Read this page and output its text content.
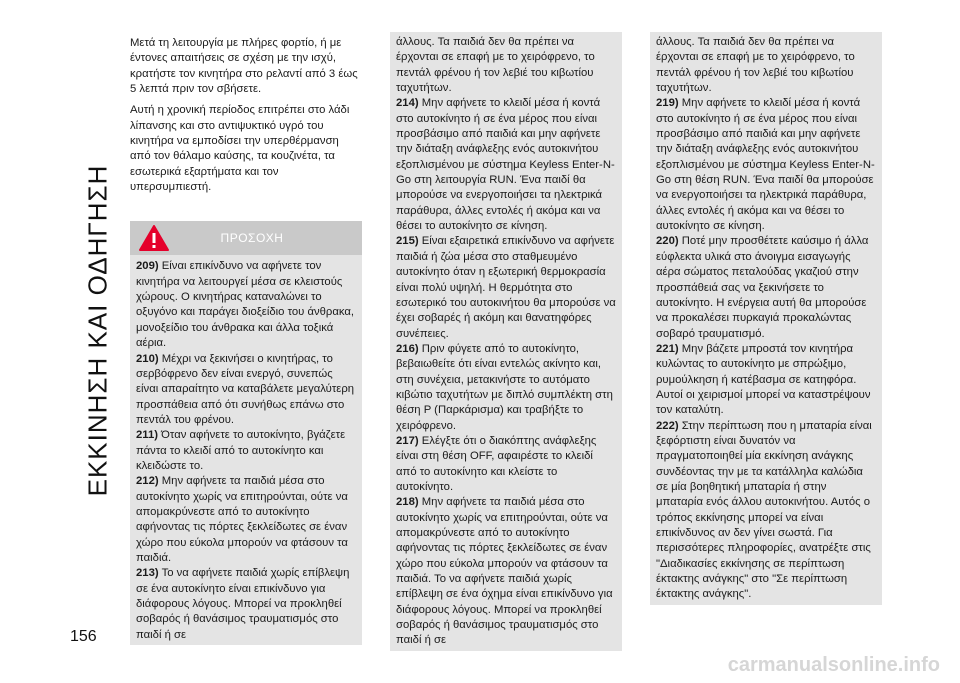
ΕΚΚΙΝΗΣΗ ΚΑΙ ΟΔΗΓΗΣΗ
156

Μετά τη λειτουργία με πλήρες φορτίο, ή με έντονες απαιτήσεις σε σχέση με την ισχύ, κρατήστε τον κινητήρα στο ρελαντί από 3 έως 5 λεπτά πριν τον σβήσετε.

Αυτή η χρονική περίοδος επιτρέπει στο λάδι λίπανσης και στο αντιψυκτικό υγρό του κινητήρα να εμποδίσει την υπερθέρμανση από τον θάλαμο καύσης, τα κουζινέτα, τα εσωτερικά εξαρτήματα και τον υπερσυμπιεστή.

ΠΡΟΣΟΧΗ

209) Είναι επικίνδυνο να αφήνετε τον κινητήρα να λειτουργεί μέσα σε κλειστούς χώρους. Ο κινητήρας καταναλώνει το οξυγόνο και παράγει διοξείδιο του άνθρακα, μονοξείδιο του άνθρακα και άλλα τοξικά αέρια.

210) Μέχρι να ξεκινήσει ο κινητήρας, το σερβόφρενο δεν είναι ενεργό, συνεπώς είναι απαραίτητο να καταβάλετε μεγαλύτερη προσπάθεια από ότι συνήθως επάνω στο πεντάλ του φρένου.

211) Όταν αφήνετε το αυτοκίνητο, βγάζετε πάντα το κλειδί από το αυτοκίνητο και κλειδώστε το.

212) Μην αφήνετε τα παιδιά μέσα στο αυτοκίνητο χωρίς να επιτηρούνται, ούτε να απομακρύνεστε από το αυτοκίνητο αφήνοντας τις πόρτες ξεκλείδωτες σε έναν χώρο που εύκολα μπορούν να φτάσουν τα παιδιά.

213) Το να αφήνετε παιδιά χωρίς επίβλεψη σε ένα αυτοκίνητο είναι επικίνδυνο για διάφορους λόγους. Μπορεί να προκληθεί σοβαρός ή θανάσιμος τραυματισμός στο παιδί ή σε

άλλους. Τα παιδιά δεν θα πρέπει να έρχονται σε επαφή με το χειρόφρενο, το πεντάλ φρένου ή τον λεβιέ του κιβωτίου ταχυτήτων.

214) Μην αφήνετε το κλειδί μέσα ή κοντά στο αυτοκίνητο ή σε ένα μέρος που είναι προσβάσιμο από παιδιά και μην αφήνετε την διάταξη ανάφλεξης ενός αυτοκινήτου εξοπλισμένου με σύστημα Keyless Enter-N-Go στη λειτουργία RUN. Ένα παιδί θα μπορούσε να ενεργοποιήσει τα ηλεκτρικά παράθυρα, άλλες εντολές ή ακόμα και να θέσει το αυτοκίνητο σε κίνηση.

215) Είναι εξαιρετικά επικίνδυνο να αφήνετε παιδιά ή ζώα μέσα στο σταθμευμένο αυτοκίνητο όταν η εξωτερική θερμοκρασία είναι πολύ υψηλή. Η θερμότητα στο εσωτερικό του αυτοκινήτου θα μπορούσε να έχει σοβαρές ή ακόμη και θανατηφόρες συνέπειες.

216) Πριν φύγετε από το αυτοκίνητο, βεβαιωθείτε ότι είναι εντελώς ακίνητο και, στη συνέχεια, μετακινήστε το αυτόματο κιβώτιο ταχυτήτων με διπλό συμπλέκτη στη θέση P (Παρκάρισμα) και τραβήξτε το χειρόφρενο.

217) Ελέγξτε ότι ο διακόπτης ανάφλεξης είναι στη θέση OFF, αφαιρέστε το κλειδί από το αυτοκίνητο και κλείστε το αυτοκίνητο.

218) Μην αφήνετε τα παιδιά μέσα στο αυτοκίνητο χωρίς να επιτηρούνται, ούτε να απομακρύνεστε από το αυτοκίνητο αφήνοντας τις πόρτες ξεκλείδωτες σε έναν χώρο που εύκολα μπορούν να φτάσουν τα παιδιά. Το να αφήνετε παιδιά χωρίς επίβλεψη σε ένα όχημα είναι επικίνδυνο για διάφορους λόγους. Μπορεί να προκληθεί σοβαρός ή θανάσιμος τραυματισμός στο παιδί ή σε

άλλους. Τα παιδιά δεν θα πρέπει να έρχονται σε επαφή με το χειρόφρενο, το πεντάλ φρένου ή τον λεβιέ του κιβωτίου ταχυτήτων.

219) Μην αφήνετε το κλειδί μέσα ή κοντά στο αυτοκίνητο ή σε ένα μέρος που είναι προσβάσιμο από παιδιά και μην αφήνετε την διάταξη ανάφλεξης ενός αυτοκινήτου εξοπλισμένου με σύστημα Keyless Enter-N-Go στη θέση RUN. Ένα παιδί θα μπορούσε να ενεργοποιήσει τα ηλεκτρικά παράθυρα, άλλες εντολές ή ακόμα και να θέσει το αυτοκίνητο σε κίνηση.

220) Ποτέ μην προσθέτετε καύσιμο ή άλλα εύφλεκτα υλικά στο άνοιγμα εισαγωγής αέρα σώματος πεταλούδας γκαζιού στην προσπάθειά σας να ξεκινήσετε το αυτοκίνητο. Η ενέργεια αυτή θα μπορούσε να προκαλέσει πυρκαγιά προκαλώντας σοβαρό τραυματισμό.

221) Μην βάζετε μπροστά τον κινητήρα κυλώντας το αυτοκίνητο με σπρώξιμο, ρυμούλκηση ή κατέβασμα σε κατηφόρα. Αυτοί οι χειρισμοί μπορεί να καταστρέψουν τον καταλύτη.

222) Στην περίπτωση που η μπαταρία είναι ξεφόρτιστη είναι δυνατόν να πραγματοποιηθεί μία εκκίνηση ανάγκης συνδέοντας την με τα κατάλληλα καλώδια σε μία βοηθητική μπαταρία ή στην μπαταρία ενός άλλου αυτοκινήτου. Αυτός ο τρόπος εκκίνησης μπορεί να είναι επικίνδυνος αν δεν γίνει σωστά. Για περισσότερες πληροφορίες, ανατρέξτε στις "Διαδικασίες εκκίνησης σε περίπτωση έκτακτης ανάγκης" στο "Σε περίπτωση έκτακτης ανάγκης".

carmanualsonline.info
